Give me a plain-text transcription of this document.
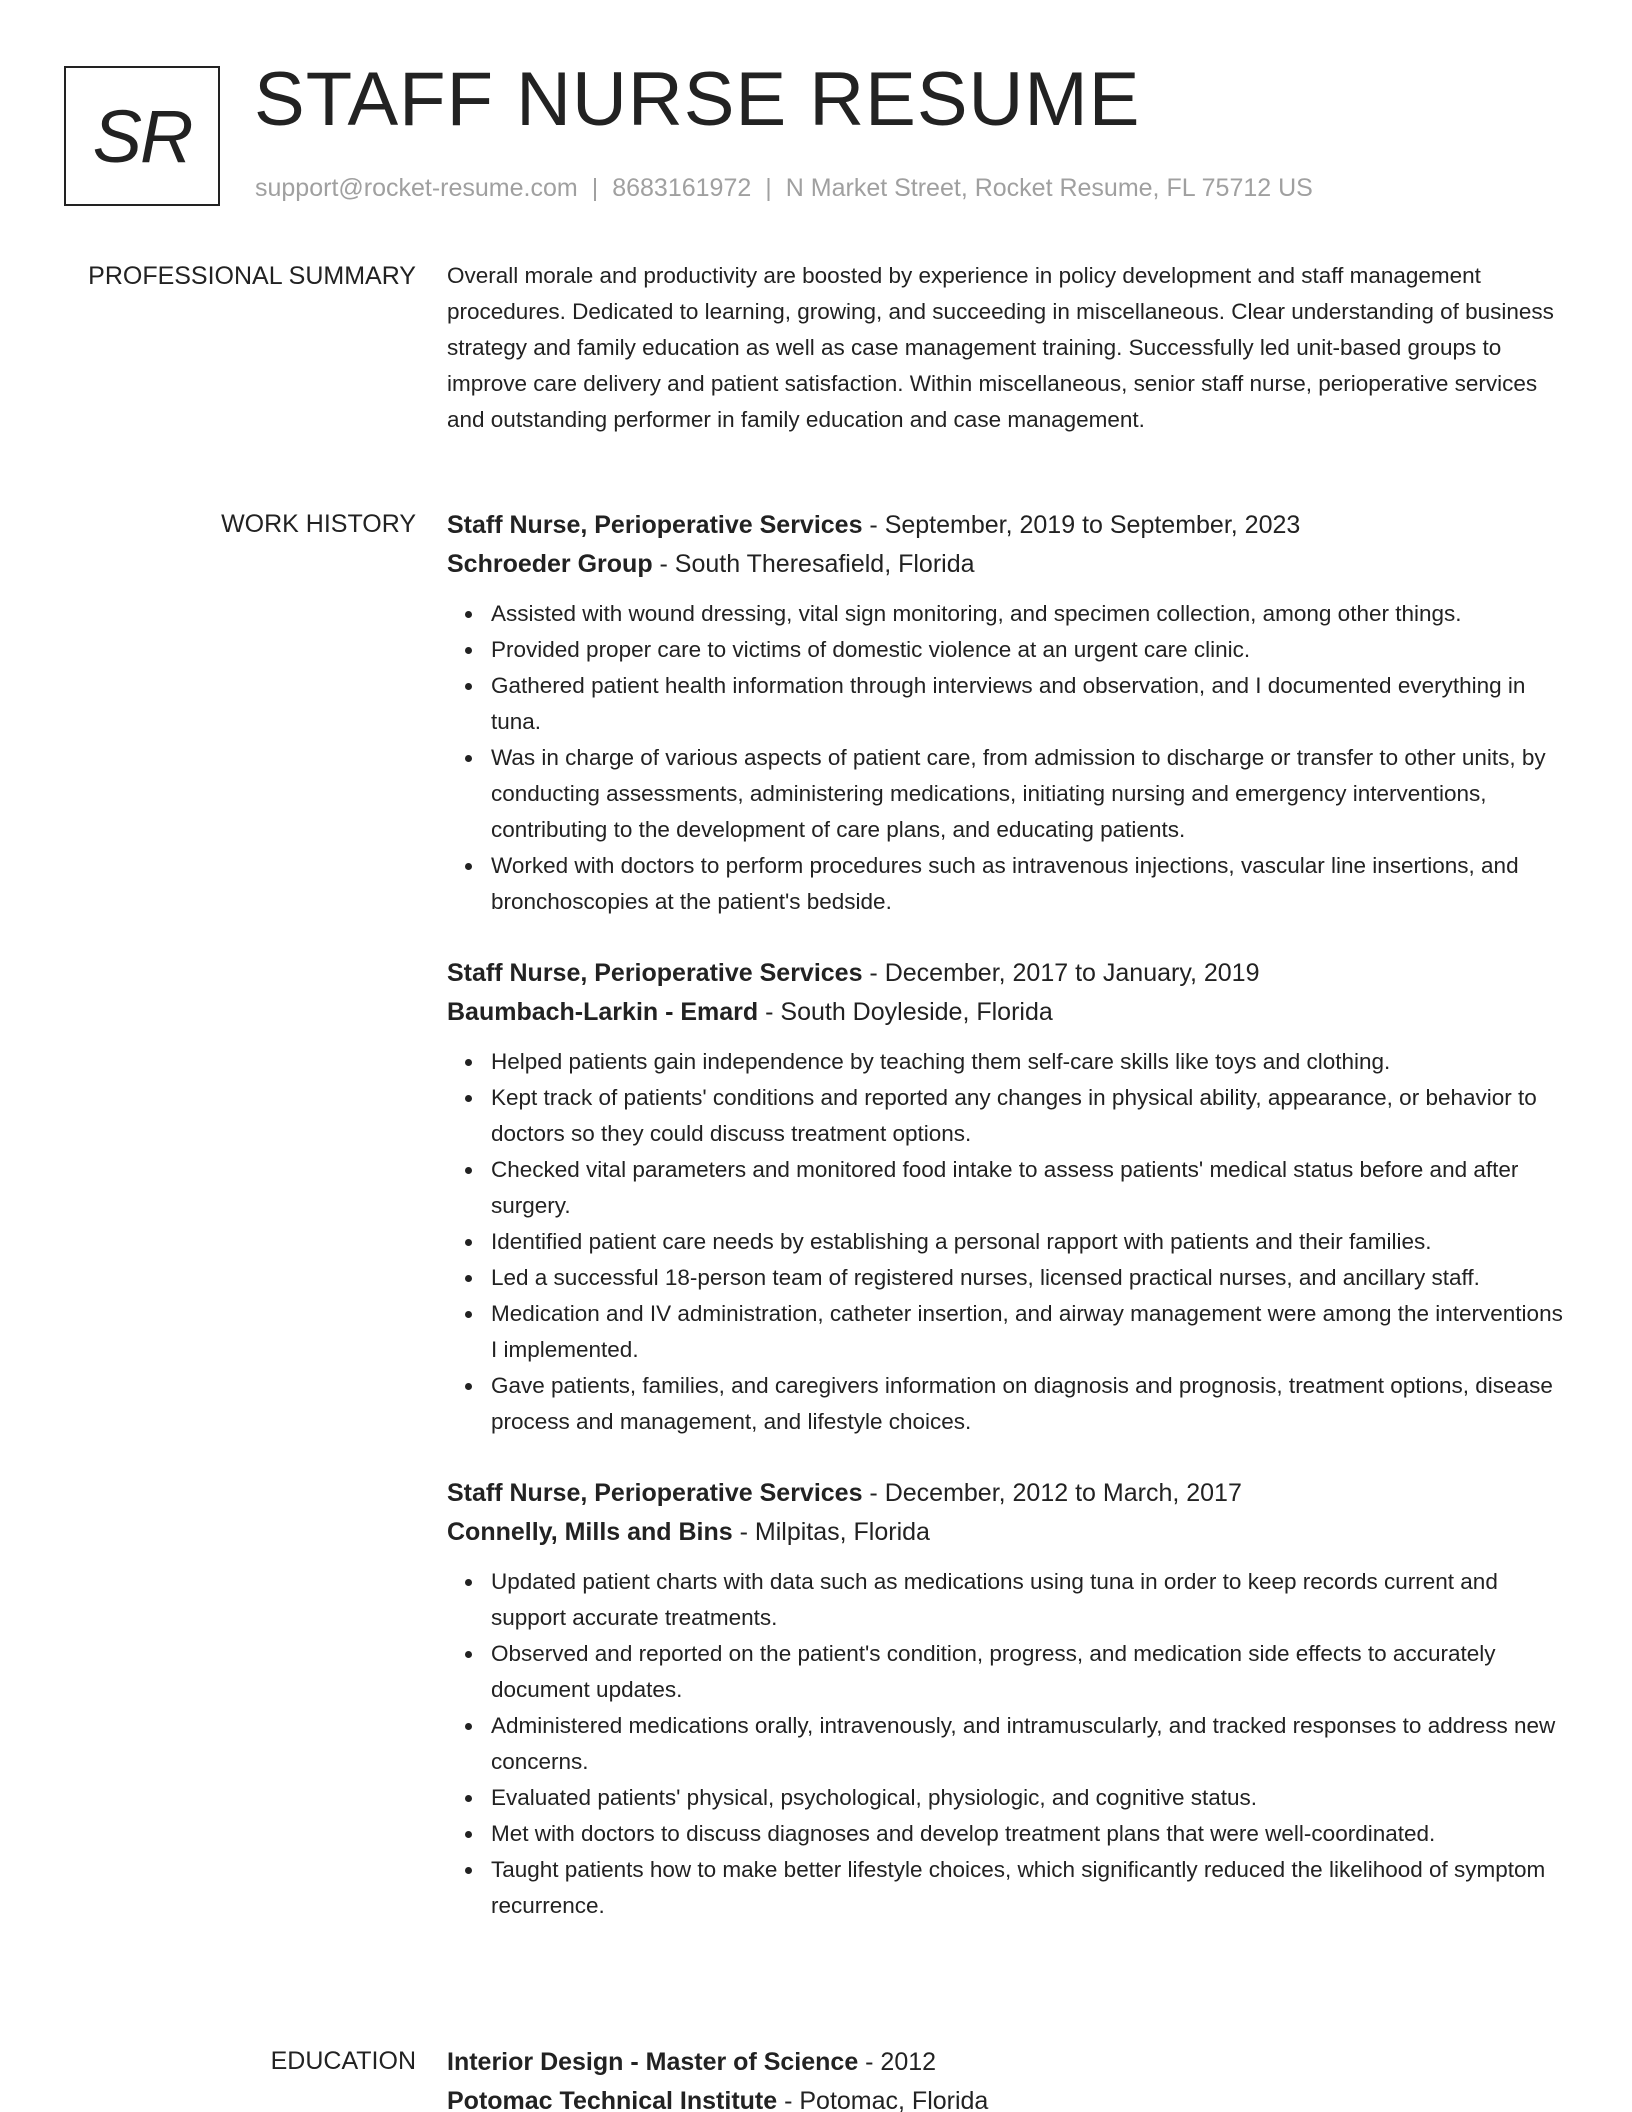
SR STAFF NURSE RESUME
support@rocket-resume.com | 8683161972 | N Market Street, Rocket Resume, FL 75712 US
PROFESSIONAL SUMMARY Overall morale and productivity are boosted by experience in policy development and staff management procedures. Dedicated to learning, growing, and succeeding in miscellaneous. Clear understanding of business strategy and family education as well as case management training. Successfully led unit-based groups to improve care delivery and patient satisfaction. Within miscellaneous, senior staff nurse, perioperative services and outstanding performer in family education and case management.

WORK HISTORY Staff Nurse, Perioperative Services - September, 2019 to September, 2023
Schroeder Group - South Theresafield, Florida
Assisted with wound dressing, vital sign monitoring, and specimen collection, among other things.
Provided proper care to victims of domestic violence at an urgent care clinic.
Gathered patient health information through interviews and observation, and I documented everything in tuna.
Was in charge of various aspects of patient care, from admission to discharge or transfer to other units, by conducting assessments, administering medications, initiating nursing and emergency interventions, contributing to the development of care plans, and educating patients.
Worked with doctors to perform procedures such as intravenous injections, vascular line insertions, and bronchoscopies at the patient's bedside.
Staff Nurse, Perioperative Services - December, 2017 to January, 2019
Baumbach-Larkin - Emard - South Doyleside, Florida
Helped patients gain independence by teaching them self-care skills like toys and clothing.
Kept track of patients' conditions and reported any changes in physical ability, appearance, or behavior to doctors so they could discuss treatment options.
Checked vital parameters and monitored food intake to assess patients' medical status before and after surgery.
Identified patient care needs by establishing a personal rapport with patients and their families.
Led a successful 18-person team of registered nurses, licensed practical nurses, and ancillary staff.
Medication and IV administration, catheter insertion, and airway management were among the interventions I implemented.
Gave patients, families, and caregivers information on diagnosis and prognosis, treatment options, disease process and management, and lifestyle choices.
Staff Nurse, Perioperative Services - December, 2012 to March, 2017
Connelly, Mills and Bins - Milpitas, Florida
Updated patient charts with data such as medications using tuna in order to keep records current and support accurate treatments.
Observed and reported on the patient's condition, progress, and medication side effects to accurately document updates.
Administered medications orally, intravenously, and intramuscularly, and tracked responses to address new concerns.
Evaluated patients' physical, psychological, physiologic, and cognitive status.
Met with doctors to discuss diagnoses and develop treatment plans that were well-coordinated.
Taught patients how to make better lifestyle choices, which significantly reduced the likelihood of symptom recurrence.
EDUCATION Interior Design - Master of Science - 2012
Potomac Technical Institute - Potomac, Florida
